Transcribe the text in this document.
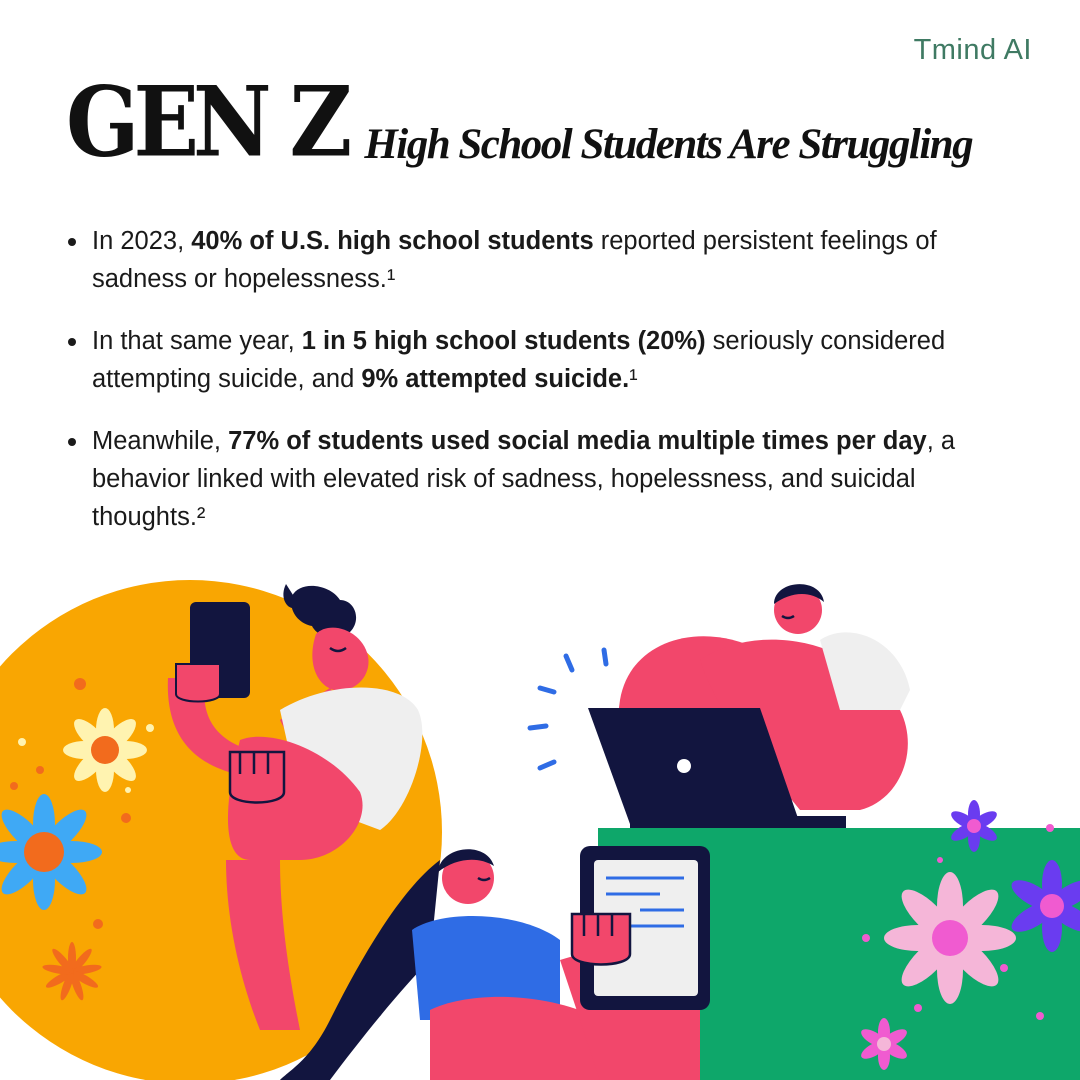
Tmind AI
GEN Z High School Students Are Struggling
In 2023, 40% of U.S. high school students reported persistent feelings of sadness or hopelessness.¹
In that same year, 1 in 5 high school students (20%) seriously considered attempting suicide, and 9% attempted suicide.¹
Meanwhile, 77% of students used social media multiple times per day, a behavior linked with elevated risk of sadness, hopelessness, and suicidal thoughts.²
